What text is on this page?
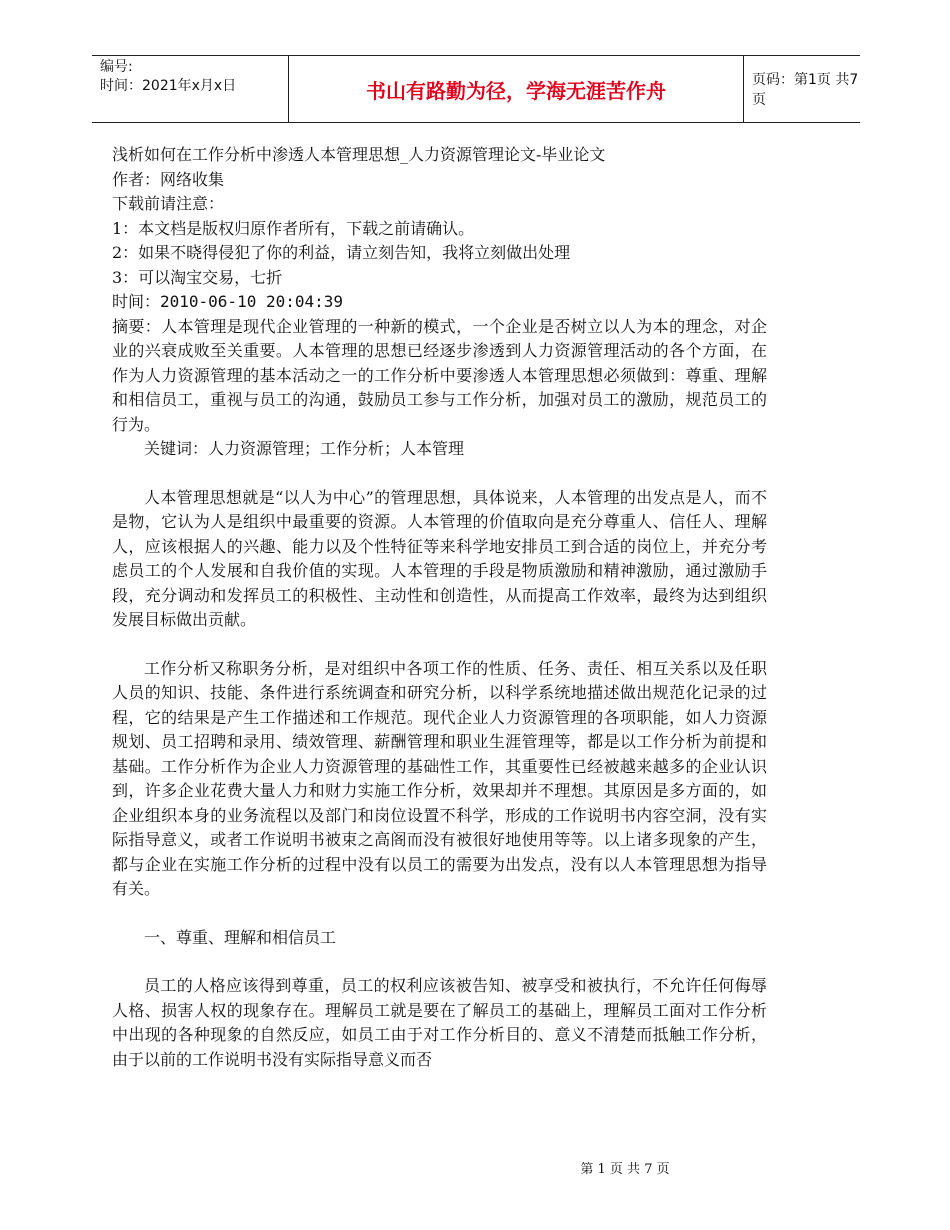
编号:
时间：2021年x月x日	书山有路勤为径，学海无涯苦作舟	页码：第1页 共7页
浅析如何在工作分析中渗透人本管理思想_人力资源管理论文-毕业论文
作者：网络收集
下载前请注意：
1：本文档是版权归原作者所有，下载之前请确认。
2：如果不晓得侵犯了你的利益，请立刻告知，我将立刻做出处理
3：可以淘宝交易，七折
时间：2010-06-10 20:04:39
摘要：人本管理是现代企业管理的一种新的模式，一个企业是否树立以人为本的理念，对企业的兴衰成败至关重要。人本管理的思想已经逐步渗透到人力资源管理活动的各个方面，在作为人力资源管理的基本活动之一的工作分析中要渗透人本管理思想必须做到：尊重、理解和相信员工，重视与员工的沟通，鼓励员工参与工作分析，加强对员工的激励，规范员工的行为。
关键词：人力资源管理；工作分析；人本管理
人本管理思想就是“以人为中心”的管理思想，具体说来，人本管理的出发点是人，而不是物，它认为人是组织中最重要的资源。人本管理的价值取向是充分尊重人、信任人、理解人，应该根据人的兴趣、能力以及个性特征等来科学地安排员工到合适的岗位上，并充分考虑员工的个人发展和自我价值的实现。人本管理的手段是物质激励和精神激励，通过激励手段，充分调动和发挥员工的积极性、主动性和创造性，从而提高工作效率，最终为达到组织发展目标做出贡献。
工作分析又称职务分析，是对组织中各项工作的性质、任务、责任、相互关系以及任职人员的知识、技能、条件进行系统调查和研究分析，以科学系统地描述做出规范化记录的过程，它的结果是产生工作描述和工作规范。现代企业人力资源管理的各项职能，如人力资源规划、员工招聘和录用、绩效管理、薪酬管理和职业生涯管理等，都是以工作分析为前提和基础。工作分析作为企业人力资源管理的基础性工作，其重要性已经被越来越多的企业认识到，许多企业花费大量人力和财力实施工作分析，效果却并不理想。其原因是多方面的，如企业组织本身的业务流程以及部门和岗位设置不科学，形成的工作说明书内容空洞，没有实际指导意义，或者工作说明书被束之高阁而没有被很好地使用等等。以上诸多现象的产生，都与企业在实施工作分析的过程中没有以员工的需要为出发点，没有以人本管理思想为指导有关。
一、尊重、理解和相信员工
员工的人格应该得到尊重，员工的权利应该被告知、被享受和被执行，不允许任何侮辱人格、损害人权的现象存在。理解员工就是要在了解员工的基础上，理解员工面对工作分析中出现的各种现象的自然反应，如员工由于对工作分析目的、意义不清楚而抵触工作分析，由于以前的工作说明书没有实际指导意义而否
第 1 页 共 7 页
